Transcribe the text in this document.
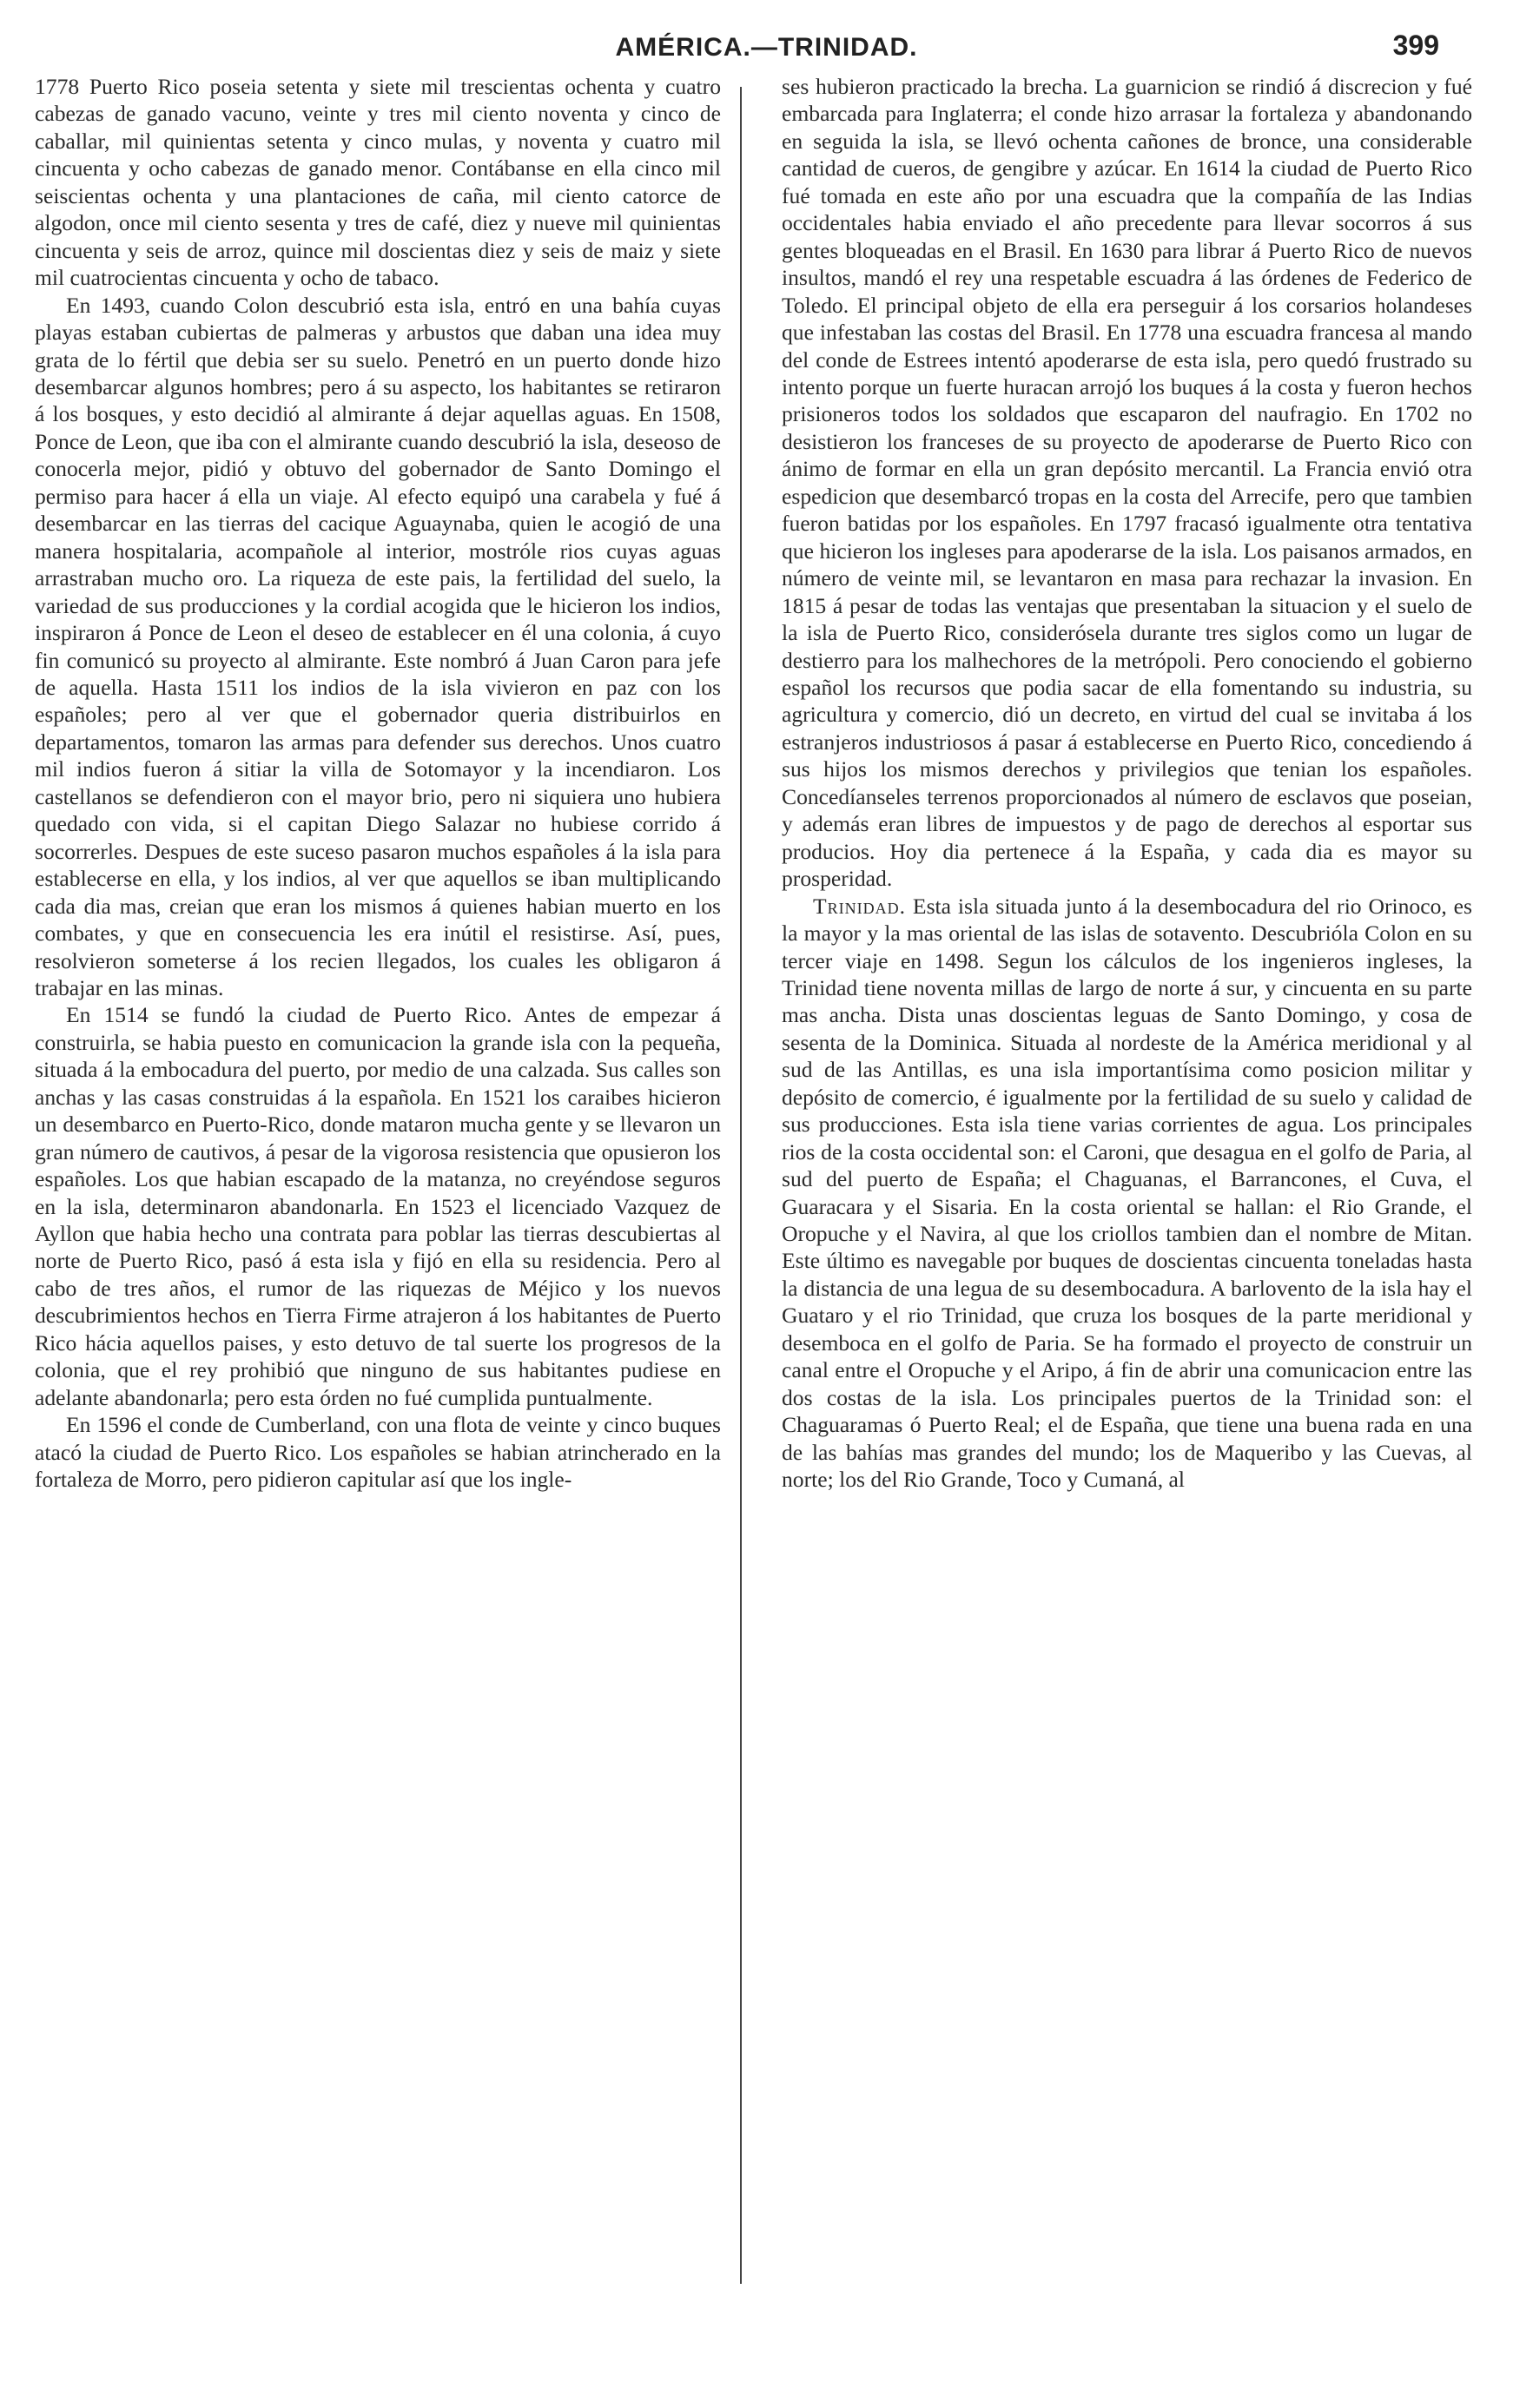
AMÉRICA.—TRINIDAD.	399

1778 Puerto Rico poseia setenta y siete mil trescientas ochenta y cuatro cabezas de ganado vacuno, veinte y tres mil ciento noventa y cinco de caballar, mil quinientas setenta y cinco mulas, y noventa y cuatro mil cincuenta y ocho cabezas de ganado menor. Contábanse en ella cinco mil seiscientas ochenta y una plantaciones de caña, mil ciento catorce de algodon, once mil ciento sesenta y tres de café, diez y nueve mil quinientas cincuenta y seis de arroz, quince mil doscientas diez y seis de maiz y siete mil cuatrocientas cincuenta y ocho de tabaco.

En 1493, cuando Colon descubrió esta isla, entró en una bahía cuyas playas estaban cubiertas de palmeras y arbustos que daban una idea muy grata de lo fértil que debia ser su suelo. Penetró en un puerto donde hizo desembarcar algunos hombres; pero á su aspecto, los habitantes se retiraron á los bosques, y esto decidió al almirante á dejar aquellas aguas. En 1508, Ponce de Leon, que iba con el almirante cuando descubrió la isla, deseoso de conocerla mejor, pidió y obtuvo del gobernador de Santo Domingo el permiso para hacer á ella un viaje. Al efecto equipó una carabela y fué á desembarcar en las tierras del cacique Aguaynaba, quien le acogió de una manera hospitalaria, acompañole al interior, mostróle rios cuyas aguas arrastraban mucho oro. La riqueza de este pais, la fertilidad del suelo, la variedad de sus producciones y la cordial acogida que le hicieron los indios, inspiraron á Ponce de Leon el deseo de establecer en él una colonia, á cuyo fin comunicó su proyecto al almirante. Este nombró á Juan Caron para jefe de aquella. Hasta 1511 los indios de la isla vivieron en paz con los españoles; pero al ver que el gobernador queria distribuirlos en departamentos, tomaron las armas para defender sus derechos. Unos cuatro mil indios fueron á sitiar la villa de Sotomayor y la incendiaron. Los castellanos se defendieron con el mayor brio, pero ni siquiera uno hubiera quedado con vida, si el capitan Diego Salazar no hubiese corrido á socorrerles. Despues de este suceso pasaron muchos españoles á la isla para establecerse en ella, y los indios, al ver que aquellos se iban multiplicando cada dia mas, creian que eran los mismos á quienes habian muerto en los combates, y que en consecuencia les era inútil el resistirse. Así, pues, resolvieron someterse á los recien llegados, los cuales les obligaron á trabajar en las minas.

En 1514 se fundó la ciudad de Puerto Rico. Antes de empezar á construirla, se habia puesto en comunicacion la grande isla con la pequeña, situada á la embocadura del puerto, por medio de una calzada. Sus calles son anchas y las casas construidas á la española. En 1521 los caraibes hicieron un desembarco en Puerto-Rico, donde mataron mucha gente y se llevaron un gran número de cautivos, á pesar de la vigorosa resistencia que opusieron los españoles. Los que habian escapado de la matanza, no creyéndose seguros en la isla, determinaron abandonarla. En 1523 el licenciado Vazquez de Ayllon que habia hecho una contrata para poblar las tierras descubiertas al norte de Puerto Rico, pasó á esta isla y fijó en ella su residencia. Pero al cabo de tres años, el rumor de las riquezas de Méjico y los nuevos descubrimientos hechos en Tierra Firme atrajeron á los habitantes de Puerto Rico hácia aquellos paises, y esto detuvo de tal suerte los progresos de la colonia, que el rey prohibió que ninguno de sus habitantes pudiese en adelante abandonarla; pero esta órden no fué cumplida puntualmente.

En 1596 el conde de Cumberland, con una flota de veinte y cinco buques atacó la ciudad de Puerto Rico. Los españoles se habian atrincherado en la fortaleza de Morro, pero pidieron capitular así que los ingle-

ses hubieron practicado la brecha. La guarnicion se rindió á discrecion y fué embarcada para Inglaterra; el conde hizo arrasar la fortaleza y abandonando en seguida la isla, se llevó ochenta cañones de bronce, una considerable cantidad de cueros, de gengibre y azúcar. En 1614 la ciudad de Puerto Rico fué tomada en este año por una escuadra que la compañía de las Indias occidentales habia enviado el año precedente para llevar socorros á sus gentes bloqueadas en el Brasil. En 1630 para librar á Puerto Rico de nuevos insultos, mandó el rey una respetable escuadra á las órdenes de Federico de Toledo. El principal objeto de ella era perseguir á los corsarios holandeses que infestaban las costas del Brasil. En 1778 una escuadra francesa al mando del conde de Estrees intentó apoderarse de esta isla, pero quedó frustrado su intento porque un fuerte huracan arrojó los buques á la costa y fueron hechos prisioneros todos los soldados que escaparon del naufragio. En 1702 no desistieron los franceses de su proyecto de apoderarse de Puerto Rico con ánimo de formar en ella un gran depósito mercantil. La Francia envió otra espedicion que desembarcó tropas en la costa del Arrecife, pero que tambien fueron batidas por los españoles. En 1797 fracasó igualmente otra tentativa que hicieron los ingleses para apoderarse de la isla. Los paisanos armados, en número de veinte mil, se levantaron en masa para rechazar la invasion. En 1815 á pesar de todas las ventajas que presentaban la situacion y el suelo de la isla de Puerto Rico, considerósela durante tres siglos como un lugar de destierro para los malhechores de la metrópoli. Pero conociendo el gobierno español los recursos que podia sacar de ella fomentando su industria, su agricultura y comercio, dió un decreto, en virtud del cual se invitaba á los estranjeros industriosos á pasar á establecerse en Puerto Rico, concediendo á sus hijos los mismos derechos y privilegios que tenian los españoles. Concedíanseles terrenos proporcionados al número de esclavos que poseian, y además eran libres de impuestos y de pago de derechos al esportar sus producios. Hoy dia pertenece á la España, y cada dia es mayor su prosperidad.

Trinidad. Esta isla situada junto á la desembocadura del rio Orinoco, es la mayor y la mas oriental de las islas de sotavento. Descubrióla Colon en su tercer viaje en 1498. Segun los cálculos de los ingenieros ingleses, la Trinidad tiene noventa millas de largo de norte á sur, y cincuenta en su parte mas ancha. Dista unas doscientas leguas de Santo Domingo, y cosa de sesenta de la Dominica. Situada al nordeste de la América meridional y al sud de las Antillas, es una isla importantísima como posicion militar y depósito de comercio, é igualmente por la fertilidad de su suelo y calidad de sus producciones. Esta isla tiene varias corrientes de agua. Los principales rios de la costa occidental son: el Caroni, que desagua en el golfo de Paria, al sud del puerto de España; el Chaguanas, el Barrancones, el Cuva, el Guaracara y el Sisaria. En la costa oriental se hallan: el Rio Grande, el Oropuche y el Navira, al que los criollos tambien dan el nombre de Mitan. Este último es navegable por buques de doscientas cincuenta toneladas hasta la distancia de una legua de su desembocadura. A barlovento de la isla hay el Guataro y el rio Trinidad, que cruza los bosques de la parte meridional y desemboca en el golfo de Paria. Se ha formado el proyecto de construir un canal entre el Oropuche y el Aripo, á fin de abrir una comunicacion entre las dos costas de la isla. Los principales puertos de la Trinidad son: el Chaguaramas ó Puerto Real; el de España, que tiene una buena rada en una de las bahías mas grandes del mundo; los de Maqueribo y las Cuevas, al norte; los del Rio Grande, Toco y Cumaná, al
